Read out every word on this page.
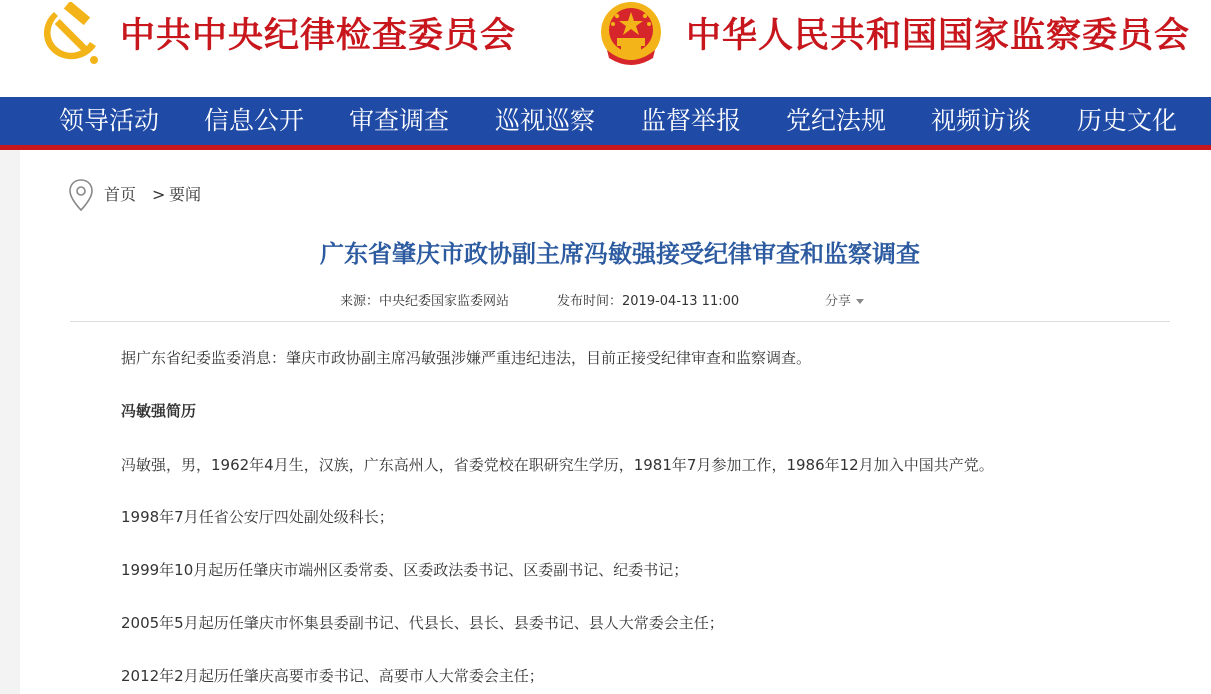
中共中央纪律检查委员会	中华人民共和国国家监察委员会
领导活动 信息公开 审查调查 巡视巡察 监督举报 党纪法规 视频访谈 历史文化
首页 > 要闻
广东省肇庆市政协副主席冯敏强接受纪律审查和监察调查
来源：中央纪委国家监委网站	发布时间：2019-04-13 11:00	分享
据广东省纪委监委消息：肇庆市政协副主席冯敏强涉嫌严重违纪违法，目前正接受纪律审查和监察调查。
冯敏强简历
冯敏强，男，1962年4月生，汉族，广东高州人，省委党校在职研究生学历，1981年7月参加工作，1986年12月加入中国共产党。
1998年7月任省公安厅四处副处级科长；
1999年10月起历任肇庆市端州区委常委、区委政法委书记、区委副书记、纪委书记；
2005年5月起历任肇庆市怀集县委副书记、代县长、县长、县委书记、县人大常委会主任；
2012年2月起历任肇庆高要市委书记、高要市人大常委会主任；
